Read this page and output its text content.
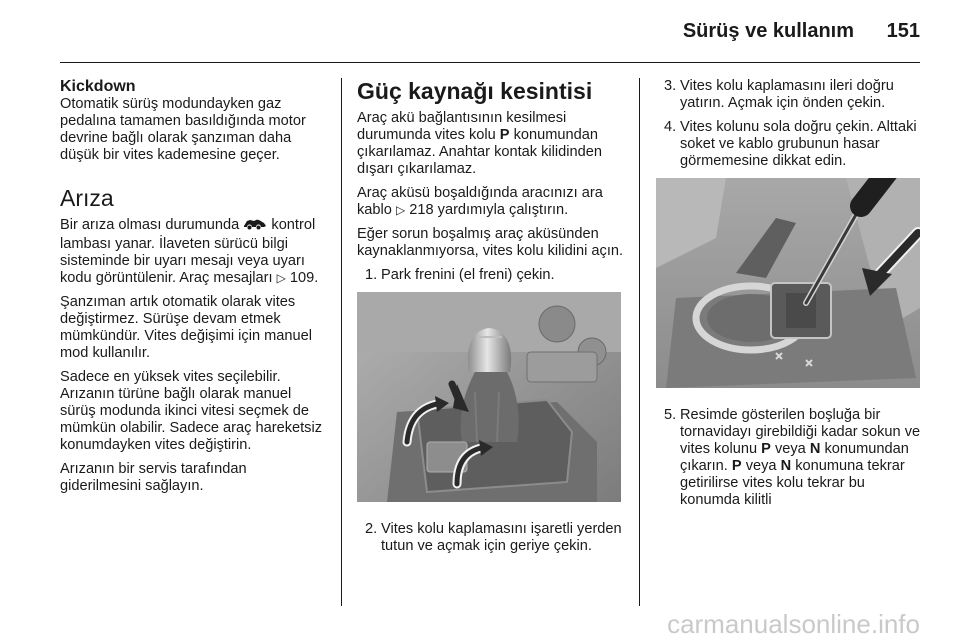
Sürüş ve kullanım 151
Kickdown

Otomatik sürüş modundayken gaz pedalına tamamen basıldığında motor devrine bağlı olarak şanzıman daha düşük bir vites kademesine geçer.

Arıza

Bir arıza olması durumunda kontrol lambası yanar. İlaveten sürücü bilgi sisteminde bir uyarı mesajı veya uyarı kodu görüntülenir. Araç mesajları ▷ 109.

Şanzıman artık otomatik olarak vites değiştirmez. Sürüşe devam etmek mümkündür. Vites değişimi için manuel mod kullanılır.

Sadece en yüksek vites seçilebilir. Arızanın türüne bağlı olarak manuel sürüş modunda ikinci vitesi seçmek de mümkün olabilir. Sadece araç hareketsiz konumdayken vites değiştirin.

Arızanın bir servis tarafından giderilmesini sağlayın.

Güç kaynağı kesintisi

Araç akü bağlantısının kesilmesi durumunda vites kolu P konumundan çıkarılamaz. Anahtar kontak kilidinden dışarı çıkarılamaz.

Araç aküsü boşaldığında aracınızı ara kablo ▷ 218 yardımıyla çalıştırın.

Eğer sorun boşalmış araç aküsünden kaynaklanmıyorsa, vites kolu kilidini açın.

1. Park frenini (el freni) çekin.
2. Vites kolu kaplamasını işaretli yerden tutun ve açmak için geriye çekin.
3. Vites kolu kaplamasını ileri doğru yatırın. Açmak için önden çekin.
4. Vites kolunu sola doğru çekin. Alttaki soket ve kablo grubunun hasar görmemesine dikkat edin.
5. Resimde gösterilen boşluğa bir tornavidayı girebildiği kadar sokun ve vites kolunu P veya N konumundan çıkarın. P veya N konumuna tekrar getirilirse vites kolu tekrar bu konumda kilitli
carmanualsonline.info
